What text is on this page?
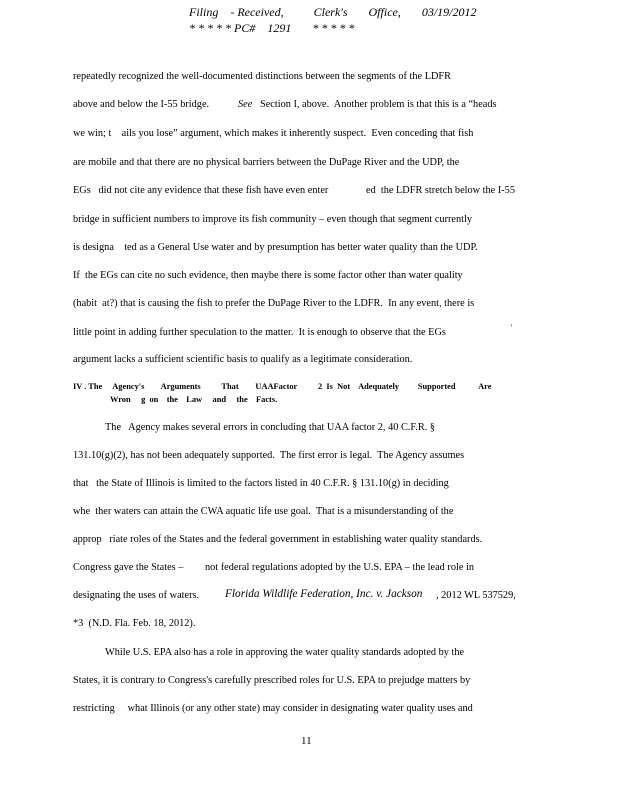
Filing    - Received,          Clerk's       Office,       03/19/2012
* * * * * PC#    1291       * * * * *
repeatedly recognized the well-documented distinctions between the segments of the LDFR
above and below the I-55 bridge.	See Section I, above.  Another problem is that this is a “heads
we win; t    ails you lose” argument, which makes it inherently suspect.  Even conceding that fish
are mobile and that there are no physical barriers between the DuPage River and the UDP, the
EGs   did not cite any evidence that these fish have even enter	ed  the LDFR stretch below the I-55
bridge in sufficient numbers to improve its fish community – even though that segment currently
is designa    ted as a General Use water and by presumption has better water quality than the UDP.
If  the EGs can cite no such evidence, then maybe there is some factor other than water quality
(habit  at?) that is causing the fish to prefer the DuPage River to the LDFR.  In any event, there is
little point in adding further speculation to the matter.  It is enough to observe that the EGs
argument lacks a sufficient scientific basis to qualify as a legitimate consideration.
'
IV . The     Agency's        Arguments          That        UAAFactor          2  Is  Not    Adequately         Supported           Are
Wron     g  on    the    Law     and     the    Facts.
The   Agency makes several errors in concluding that UAA factor 2, 40 C.F.R. §
131.10(g)(2), has not been adequately supported.  The first error is legal.  The Agency assumes
that   the State of Illinois is limited to the factors listed in 40 C.F.R. § 131.10(g) in deciding
whe  ther waters can attain the CWA aquatic life use goal.  That is a misunderstanding of the
approp   riate roles of the States and the federal government in establishing water quality standards.
Congress gave the States – not federal regulations adopted by the U.S. EPA – the lead role in
designating the uses of waters. Florida Wildlife Federation, Inc. v. Jackson , 2012 WL 537529,
*3  (N.D. Fla. Feb. 18, 2012).
While U.S. EPA also has a role in approving the water quality standards adopted by the
States, it is contrary to Congress's carefully prescribed roles for U.S. EPA to prejudge matters by
restricting     what Illinois (or any other state) may consider in designating water quality uses and
11
